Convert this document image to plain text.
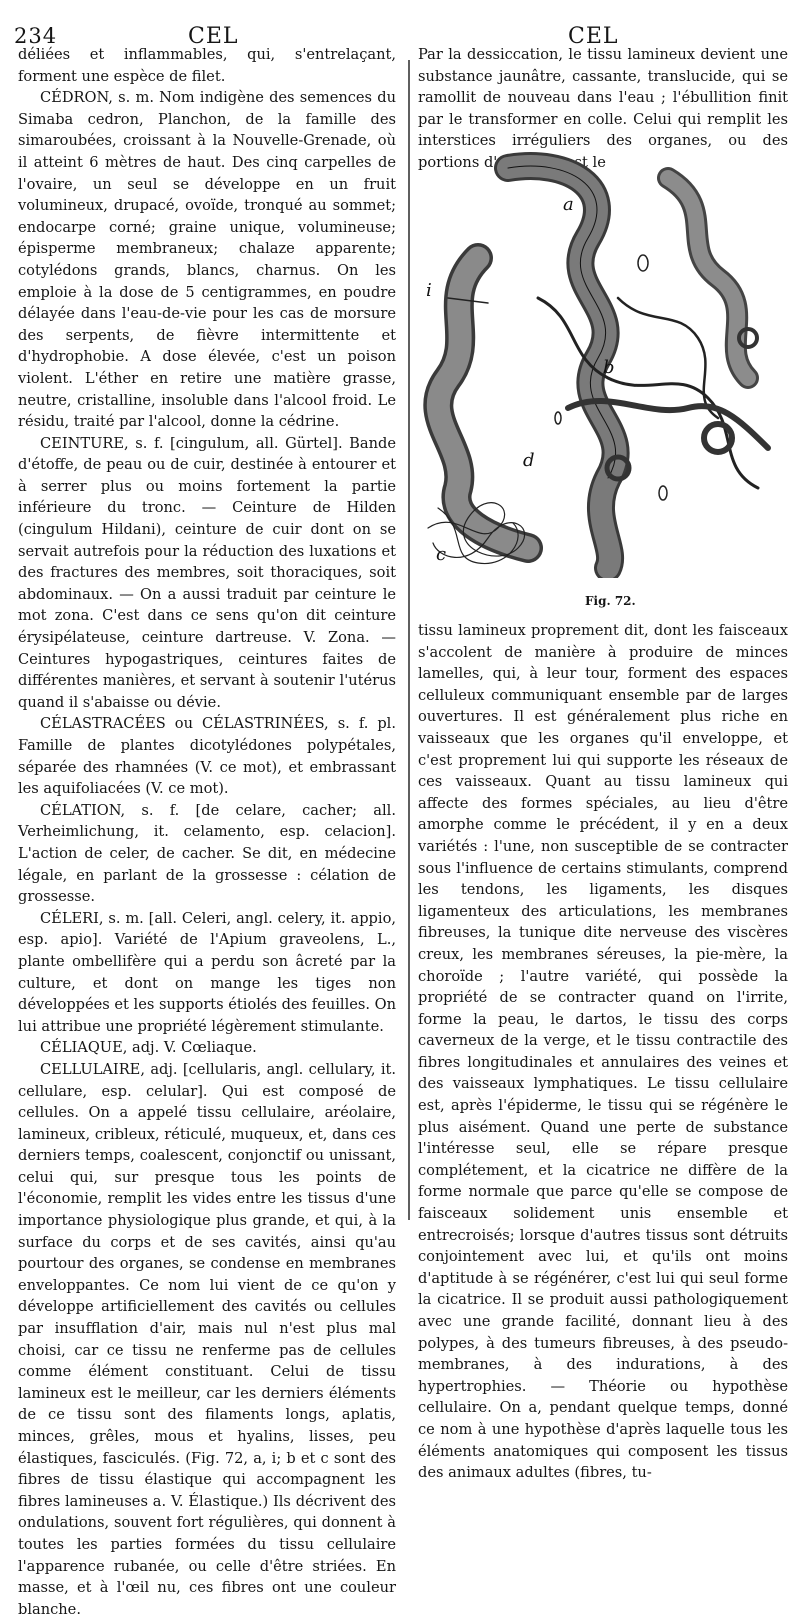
234	CEL	CEL

déliées et inflammables, qui, s'entrelaçant, forment une espèce de filet.

CÉDRON, s. m. Nom indigène des semences du Simaba cedron, Planchon, de la famille des simaroubées, croissant à la Nouvelle-Grenade, où il atteint 6 mètres de haut. Des cinq carpelles de l'ovaire, un seul se développe en un fruit volumineux, drupacé, ovoïde, tronqué au sommet; endocarpe corné; graine unique, volumineuse; épisperme membraneux; chalaze apparente; cotylédons grands, blancs, charnus. On les emploie à la dose de 5 centigrammes, en poudre délayée dans l'eau-de-vie pour les cas de morsure des serpents, de fièvre intermittente et d'hydrophobie. A dose élevée, c'est un poison violent. L'éther en retire une matière grasse, neutre, cristalline, insoluble dans l'alcool froid. Le résidu, traité par l'alcool, donne la cédrine.

CEINTURE, s. f. [cingulum, all. Gürtel]. Bande d'étoffe, de peau ou de cuir, destinée à entourer et à serrer plus ou moins fortement la partie inférieure du tronc. — Ceinture de Hilden (cingulum Hildani), ceinture de cuir dont on se servait autrefois pour la réduction des luxations et des fractures des membres, soit thoraciques, soit abdominaux. — On a aussi traduit par ceinture le mot zona. C'est dans ce sens qu'on dit ceinture érysipélateuse, ceinture dartreuse. V. Zona. — Ceintures hypogastriques, ceintures faites de différentes manières, et servant à soutenir l'utérus quand il s'abaisse ou dévie.

CÉLASTRACÉES ou CÉLASTRINÉES, s. f. pl. Famille de plantes dicotylédones polypétales, séparée des rhamnées (V. ce mot), et embrassant les aquifoliacées (V. ce mot).

CÉLATION, s. f. [de celare, cacher; all. Verheimlichung, it. celamento, esp. celacion]. L'action de celer, de cacher. Se dit, en médecine légale, en parlant de la grossesse : célation de grossesse.

CÉLERI, s. m. [all. Celeri, angl. celery, it. appio, esp. apio]. Variété de l'Apium graveolens, L., plante ombellifère qui a perdu son âcreté par la culture, et dont on mange les tiges non développées et les supports étiolés des feuilles. On lui attribue une propriété légèrement stimulante.

CÉLIAQUE, adj. V. Cœliaque.

CELLULAIRE, adj. [cellularis, angl. cellulary, it. cellulare, esp. celular]. Qui est composé de cellules. On a appelé tissu cellulaire, aréolaire, lamineux, cribleux, réticulé, muqueux, et, dans ces derniers temps, coalescent, conjonctif ou unissant, celui qui, sur presque tous les points de l'économie, remplit les vides entre les tissus d'une importance physiologique plus grande, et qui, à la surface du corps et de ses cavités, ainsi qu'au pourtour des organes, se condense en membranes enveloppantes. Ce nom lui vient de ce qu'on y développe artificiellement des cavités ou cellules par insufflation d'air, mais nul n'est plus mal choisi, car ce tissu ne renferme pas de cellules comme élément constituant. Celui de tissu lamineux est le meilleur, car les derniers éléments de ce tissu sont des filaments longs, aplatis, minces, grêles, mous et hyalins, lisses, peu élastiques, fasciculés. (Fig. 72, a, i; b et c sont des fibres de tissu élastique qui accompagnent les fibres lamineuses a. V. Élastique.) Ils décrivent des ondulations, souvent fort régulières, qui donnent à toutes les parties formées du tissu cellulaire l'apparence rubanée, ou celle d'être striées. En masse, et à l'œil nu, ces fibres ont une couleur blanche.

Par la dessiccation, le tissu lamineux devient une substance jaunâtre, cassante, translucide, qui se ramollit de nouveau dans l'eau ; l'ébullition finit par le transformer en colle. Celui qui remplit les interstices irréguliers des organes, ou des portions d'organes, est le

a
b
c
d
i
Fig. 72.

tissu lamineux proprement dit, dont les faisceaux s'accolent de manière à produire de minces lamelles, qui, à leur tour, forment des espaces celluleux communiquant ensemble par de larges ouvertures. Il est généralement plus riche en vaisseaux que les organes qu'il enveloppe, et c'est proprement lui qui supporte les réseaux de ces vaisseaux. Quant au tissu lamineux qui affecte des formes spéciales, au lieu d'être amorphe comme le précédent, il y en a deux variétés : l'une, non susceptible de se contracter sous l'influence de certains stimulants, comprend les tendons, les ligaments, les disques ligamenteux des articulations, les membranes fibreuses, la tunique dite nerveuse des viscères creux, les membranes séreuses, la pie-mère, la choroïde ; l'autre variété, qui possède la propriété de se contracter quand on l'irrite, forme la peau, le dartos, le tissu des corps caverneux de la verge, et le tissu contractile des fibres longitudinales et annulaires des veines et des vaisseaux lymphatiques. Le tissu cellulaire est, après l'épiderme, le tissu qui se régénère le plus aisément. Quand une perte de substance l'intéresse seul, elle se répare presque complétement, et la cicatrice ne diffère de la forme normale que parce qu'elle se compose de faisceaux solidement unis ensemble et entrecroisés; lorsque d'autres tissus sont détruits conjointement avec lui, et qu'ils ont moins d'aptitude à se régénérer, c'est lui qui seul forme la cicatrice. Il se produit aussi pathologiquement avec une grande facilité, donnant lieu à des polypes, à des tumeurs fibreuses, à des pseudo-membranes, à des indurations, à des hypertrophies. — Théorie ou hypothèse cellulaire. On a, pendant quelque temps, donné ce nom à une hypothèse d'après laquelle tous les éléments anatomiques qui composent les tissus des animaux adultes (fibres, tu-
